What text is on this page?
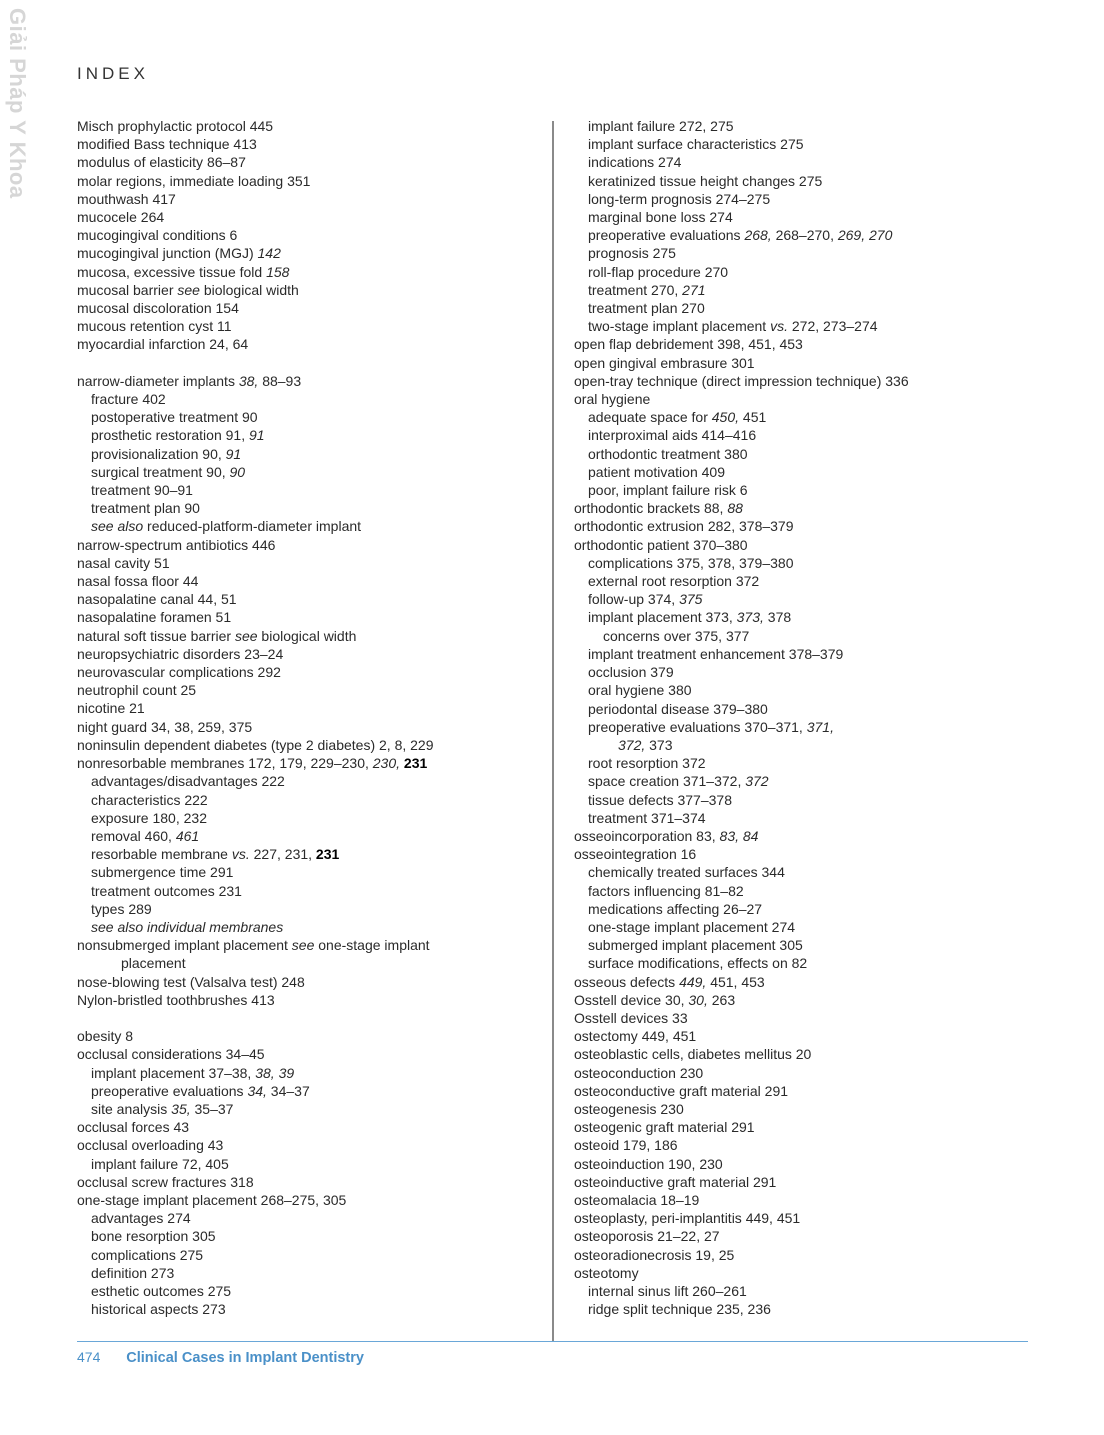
Giải Pháp Y Khoa	INDEX
Misch prophylactic protocol 445
modified Bass technique 413
modulus of elasticity 86–87
molar regions, immediate loading 351
mouthwash 417
mucocele 264
mucogingival conditions 6
mucogingival junction (MGJ) 142
mucosa, excessive tissue fold 158
mucosal barrier see biological width
mucosal discoloration 154
mucous retention cyst 11
myocardial infarction 24, 64
narrow-diameter implants 38, 88–93
fracture 402
postoperative treatment 90
prosthetic restoration 91, 91
provisionalization 90, 91
surgical treatment 90, 90
treatment 90–91
treatment plan 90
see also reduced-platform-diameter implant
narrow-spectrum antibiotics 446
nasal cavity 51
nasal fossa floor 44
nasopalatine canal 44, 51
nasopalatine foramen 51
natural soft tissue barrier see biological width
neuropsychiatric disorders 23–24
neurovascular complications 292
neutrophil count 25
nicotine 21
night guard 34, 38, 259, 375
noninsulin dependent diabetes (type 2 diabetes) 2, 8, 229
nonresorbable membranes 172, 179, 229–230, 230, 231
advantages/disadvantages 222
characteristics 222
exposure 180, 232
removal 460, 461
resorbable membrane vs. 227, 231, 231
submergence time 291
treatment outcomes 231
types 289
see also individual membranes
nonsubmerged implant placement see one-stage implant
placement
nose-blowing test (Valsalva test) 248
Nylon-bristled toothbrushes 413
obesity 8
occlusal considerations 34–45
implant placement 37–38, 38, 39
preoperative evaluations 34, 34–37
site analysis 35, 35–37
occlusal forces 43
occlusal overloading 43
implant failure 72, 405
occlusal screw fractures 318
one-stage implant placement 268–275, 305
advantages 274
bone resorption 305
complications 275
definition 273
esthetic outcomes 275
historical aspects 273
implant failure 272, 275
implant surface characteristics 275
indications 274
keratinized tissue height changes 275
long-term prognosis 274–275
marginal bone loss 274
preoperative evaluations 268, 268–270, 269, 270
prognosis 275
roll-flap procedure 270
treatment 270, 271
treatment plan 270
two-stage implant placement vs. 272, 273–274
open flap debridement 398, 451, 453
open gingival embrasure 301
open-tray technique (direct impression technique) 336
oral hygiene
adequate space for 450, 451
interproximal aids 414–416
orthodontic treatment 380
patient motivation 409
poor, implant failure risk 6
orthodontic brackets 88, 88
orthodontic extrusion 282, 378–379
orthodontic patient 370–380
complications 375, 378, 379–380
external root resorption 372
follow-up 374, 375
implant placement 373, 373, 378
concerns over 375, 377
implant treatment enhancement 378–379
occlusion 379
oral hygiene 380
periodontal disease 379–380
preoperative evaluations 370–371, 371,
372, 373
root resorption 372
space creation 371–372, 372
tissue defects 377–378
treatment 371–374
osseoincorporation 83, 83, 84
osseointegration 16
chemically treated surfaces 344
factors influencing 81–82
medications affecting 26–27
one-stage implant placement 274
submerged implant placement 305
surface modifications, effects on 82
osseous defects 449, 451, 453
Osstell device 30, 30, 263
Osstell devices 33
ostectomy 449, 451
osteoblastic cells, diabetes mellitus 20
osteoconduction 230
osteoconductive graft material 291
osteogenesis 230
osteogenic graft material 291
osteoid 179, 186
osteoinduction 190, 230
osteoinductive graft material 291
osteomalacia 18–19
osteoplasty, peri-implantitis 449, 451
osteoporosis 21–22, 27
osteoradionecrosis 19, 25
osteotomy
internal sinus lift 260–261
ridge split technique 235, 236
474 Clinical Cases in Implant Dentistry
